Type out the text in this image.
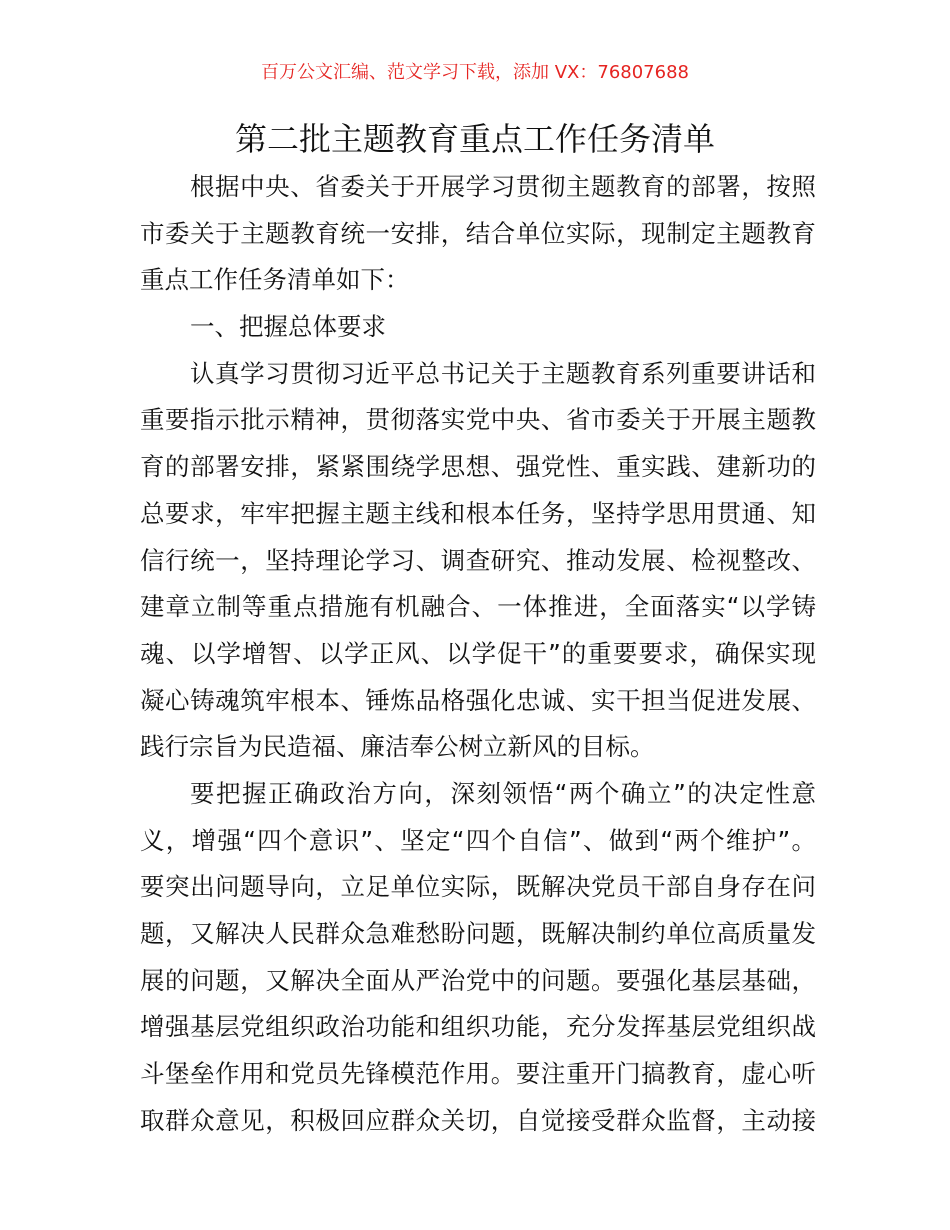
百万公文汇编、范文学习下载，添加 VX：76807688
第二批主题教育重点工作任务清单
根据中央、省委关于开展学习贯彻主题教育的部署，按照
市委关于主题教育统一安排，结合单位实际，现制定主题教育
重点工作任务清单如下：
一、把握总体要求
认真学习贯彻习近平总书记关于主题教育系列重要讲话和
重要指示批示精神，贯彻落实党中央、省市委关于开展主题教
育的部署安排，紧紧围绕学思想、强党性、重实践、建新功的
总要求，牢牢把握主题主线和根本任务，坚持学思用贯通、知
信行统一，坚持理论学习、调查研究、推动发展、检视整改、
建章立制等重点措施有机融合、一体推进，全面落实“以学铸
魂、以学增智、以学正风、以学促干”的重要要求，确保实现
凝心铸魂筑牢根本、锤炼品格强化忠诚、实干担当促进发展、
践行宗旨为民造福、廉洁奉公树立新风的目标。
要把握正确政治方向，深刻领悟“两个确立”的决定性意
义，增强“四个意识”、坚定“四个自信”、做到“两个维护”。
要突出问题导向，立足单位实际，既解决党员干部自身存在问
题，又解决人民群众急难愁盼问题，既解决制约单位高质量发
展的问题，又解决全面从严治党中的问题。要强化基层基础，
增强基层党组织政治功能和组织功能，充分发挥基层党组织战
斗堡垒作用和党员先锋模范作用。要注重开门搞教育，虚心听
取群众意见，积极回应群众关切，自觉接受群众监督，主动接
